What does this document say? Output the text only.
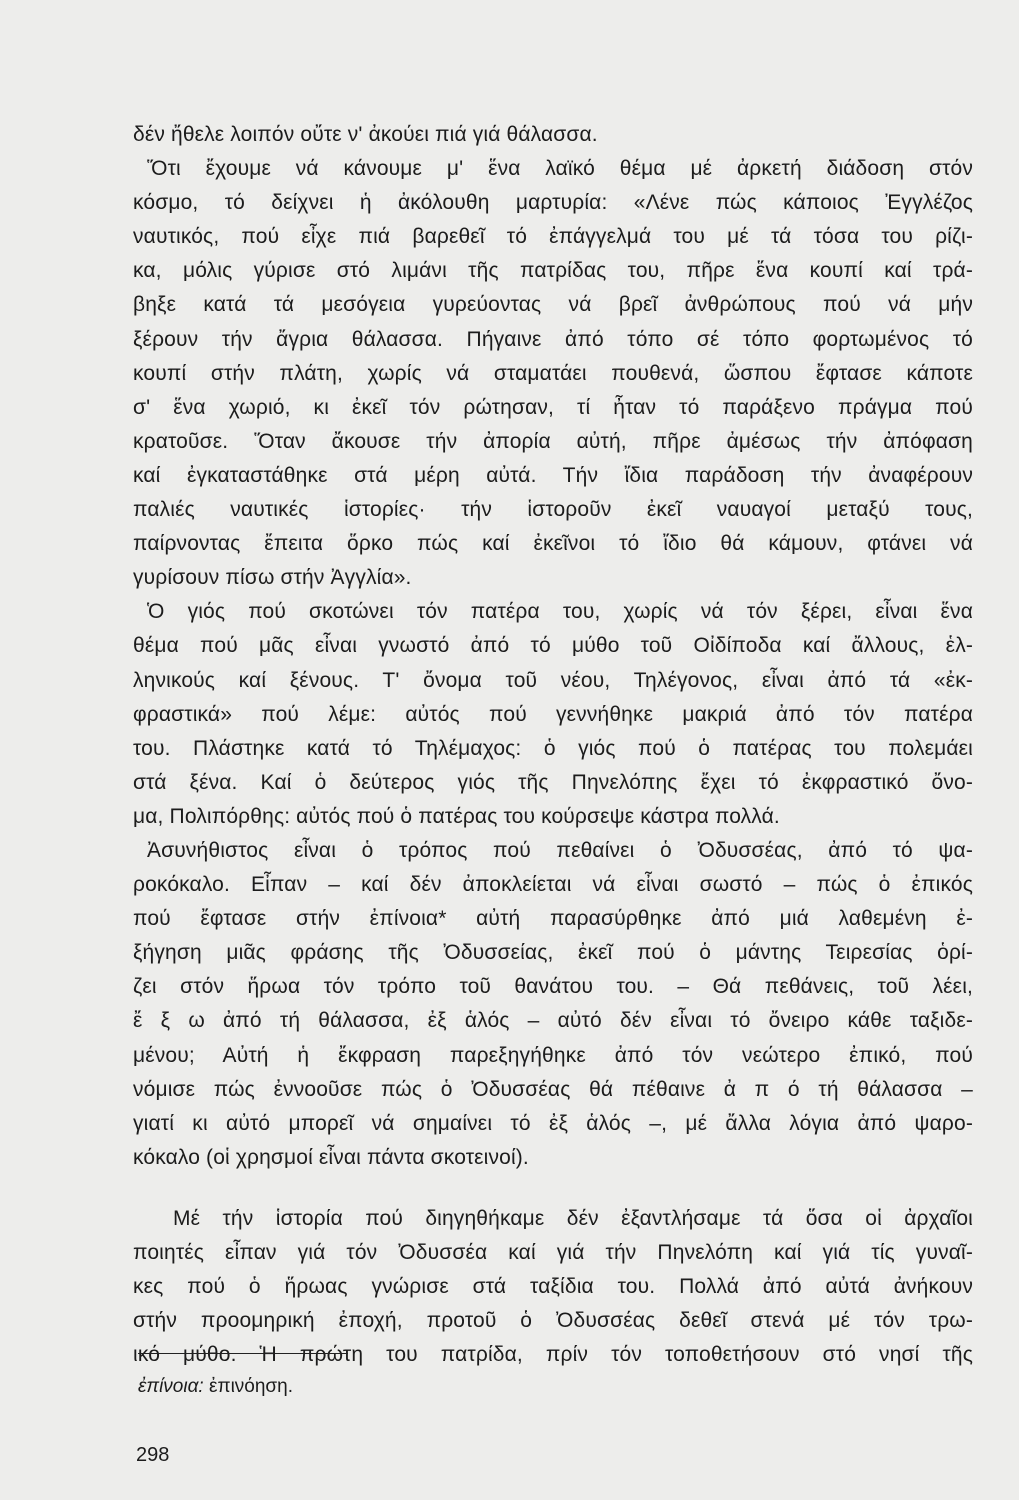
δέν ἤθελε λοιπόν οὔτε ν' ἀκούει πιά γιά θάλασσα.
Ὅτι ἔχουμε νά κάνουμε μ' ἕνα λαϊκό θέμα μέ ἀρκετή διάδοση στόν
κόσμο, τό δείχνει ἡ ἀκόλουθη μαρτυρία: «Λένε πώς κάποιος Ἐγγλέζος
ναυτικός, πού εἶχε πιά βαρεθεῖ τό ἐπάγγελμά του μέ τά τόσα του ρίζι-
κα, μόλις γύρισε στό λιμάνι τῆς πατρίδας του, πῆρε ἕνα κουπί καί τρά-
βηξε κατά τά μεσόγεια γυρεύοντας νά βρεῖ ἀνθρώπους πού νά μήν
ξέρουν τήν ἄγρια θάλασσα. Πήγαινε ἀπό τόπο σέ τόπο φορτωμένος τό
κουπί στήν πλάτη, χωρίς νά σταματάει πουθενά, ὥσπου ἔφτασε κάποτε
σ' ἕνα χωριό, κι ἐκεῖ τόν ρώτησαν, τί ἦταν τό παράξενο πράγμα πού
κρατοῦσε. Ὅταν ἄκουσε τήν ἀπορία αὐτή, πῆρε ἀμέσως τήν ἀπόφαση
καί ἐγκαταστάθηκε στά μέρη αὐτά. Τήν ἴδια παράδοση τήν ἀναφέρουν
παλιές ναυτικές ἱστορίες· τήν ἱστοροῦν ἐκεῖ ναυαγοί μεταξύ τους,
παίρνοντας ἔπειτα ὅρκο πώς καί ἐκεῖνοι τό ἴδιο θά κάμουν, φτάνει νά
γυρίσουν πίσω στήν Ἀγγλία».
Ὁ γιός πού σκοτώνει τόν πατέρα του, χωρίς νά τόν ξέρει, εἶναι ἕνα
θέμα πού μᾶς εἶναι γνωστό ἀπό τό μύθο τοῦ Οἰδίποδα καί ἄλλους, ἑλ-
ληνικούς καί ξένους. Τ' ὄνομα τοῦ νέου, Τηλέγονος, εἶναι ἀπό τά «ἐκ-
φραστικά» πού λέμε: αὐτός πού γεννήθηκε μακριά ἀπό τόν πατέρα
του. Πλάστηκε κατά τό Τηλέμαχος: ὁ γιός πού ὁ πατέρας του πολεμάει
στά ξένα. Καί ὁ δεύτερος γιός τῆς Πηνελόπης ἔχει τό ἐκφραστικό ὄνο-
μα, Πολιπόρθης: αὐτός πού ὁ πατέρας του κούρσεψε κάστρα πολλά.
Ἀσυνήθιστος εἶναι ὁ τρόπος πού πεθαίνει ὁ Ὀδυσσέας, ἀπό τό ψα-
ροκόκαλο. Εἶπαν – καί δέν ἀποκλείεται νά εἶναι σωστό – πώς ὁ ἐπικός
πού ἔφτασε στήν ἐπίνοια* αὐτή παρασύρθηκε ἀπό μιά λαθεμένη ἐ-
ξήγηση μιᾶς φράσης τῆς Ὀδυσσείας, ἐκεῖ πού ὁ μάντης Τειρεσίας ὁρί-
ζει στόν ἥρωα τόν τρόπο τοῦ θανάτου του. – Θά πεθάνεις, τοῦ λέει,
ἔ ξ ω ἀπό τή θάλασσα, ἐξ ἁλός – αὐτό δέν εἶναι τό ὄνειρο κάθε ταξιδε-
μένου; Αὐτή ἡ ἔκφραση παρεξηγήθηκε ἀπό τόν νεώτερο ἐπικό, πού
νόμισε πώς ἐννοοῦσε πώς ὁ Ὀδυσσέας θά πέθαινε ἀ π ό τή θάλασσα –
γιατί κι αὐτό μπορεῖ νά σημαίνει τό ἐξ ἁλός –, μέ ἄλλα λόγια ἀπό ψαρο-
κόκαλο (οἱ χρησμοί εἶναι πάντα σκοτεινοί).
Μέ τήν ἱστορία πού διηγηθήκαμε δέν ἐξαντλήσαμε τά ὅσα οἱ ἀρχαῖοι
ποιητές εἶπαν γιά τόν Ὀδυσσέα καί γιά τήν Πηνελόπη καί γιά τίς γυναῖ-
κες πού ὁ ἥρωας γνώρισε στά ταξίδια του. Πολλά ἀπό αὐτά ἀνήκουν
στήν προομηρική ἐποχή, προτοῦ ὁ Ὀδυσσέας δεθεῖ στενά μέ τόν τρω-
ικό μύθο. Ἡ πρώτη του πατρίδα, πρίν τόν τοποθετήσουν στό νησί τῆς
ἐπίνοια: ἐπινόηση.
298
